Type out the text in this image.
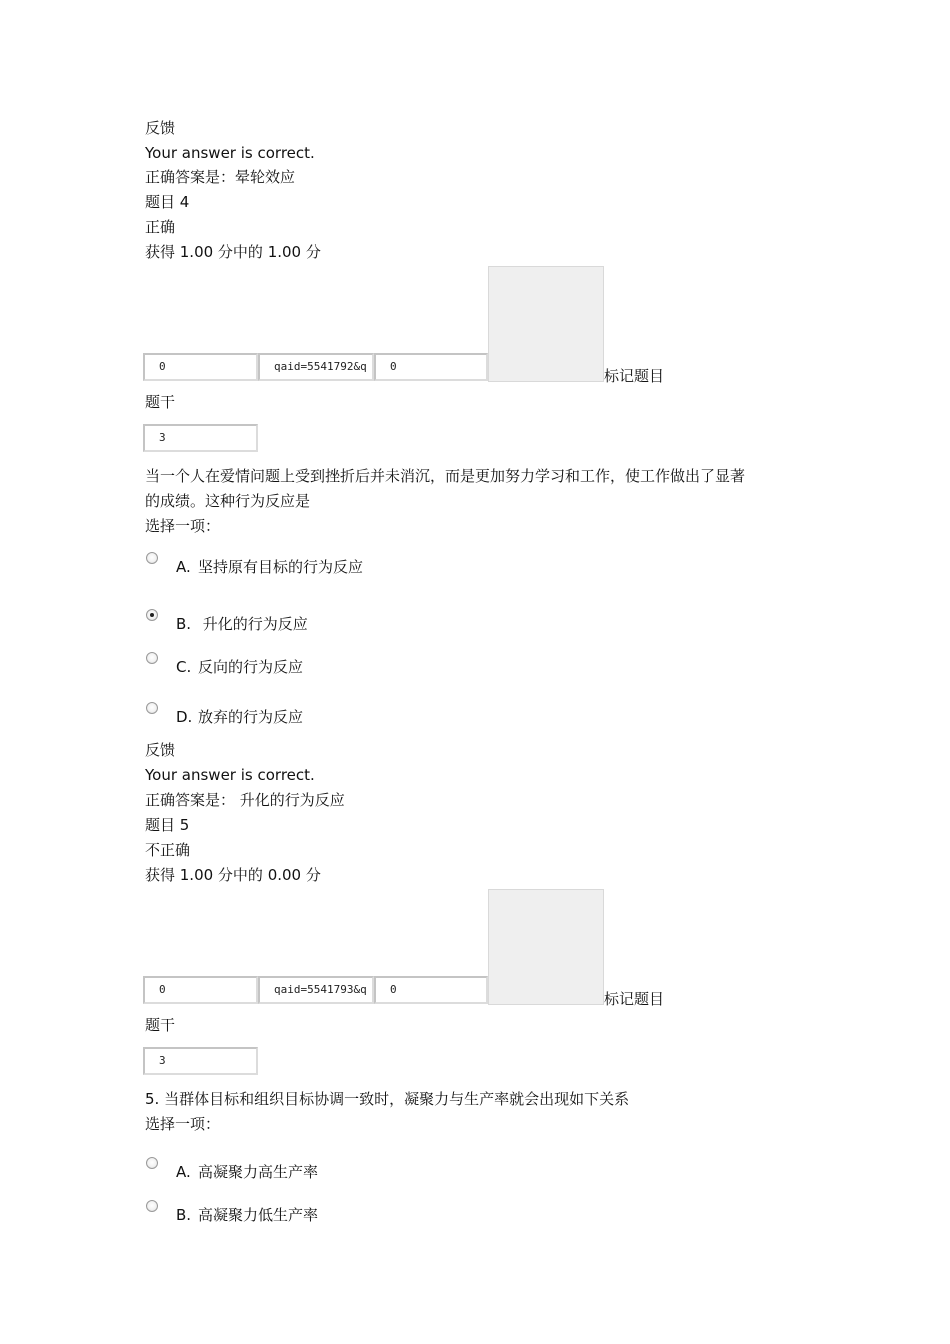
反馈
Your answer is correct.
正确答案是：晕轮效应
题目 4
正确
获得 1.00 分中的 1.00 分
0	qaid=5541792&q	0
标记题目
题干
3
当一个人在爱情问题上受到挫折后并未消沉，而是更加努力学习和工作，使工作做出了显著
的成绩。这种行为反应是
选择一项：
A. 坚持原有目标的行为反应
B. 升化的行为反应
C. 反向的行为反应
D. 放弃的行为反应
反馈
Your answer is correct.
正确答案是： 升化的行为反应
题目 5
不正确
获得 1.00 分中的 0.00 分
0	qaid=5541793&q	0
标记题目
题干
3
5. 当群体目标和组织目标协调一致时，凝聚力与生产率就会出现如下关系
选择一项：
A. 高凝聚力高生产率
B. 高凝聚力低生产率
